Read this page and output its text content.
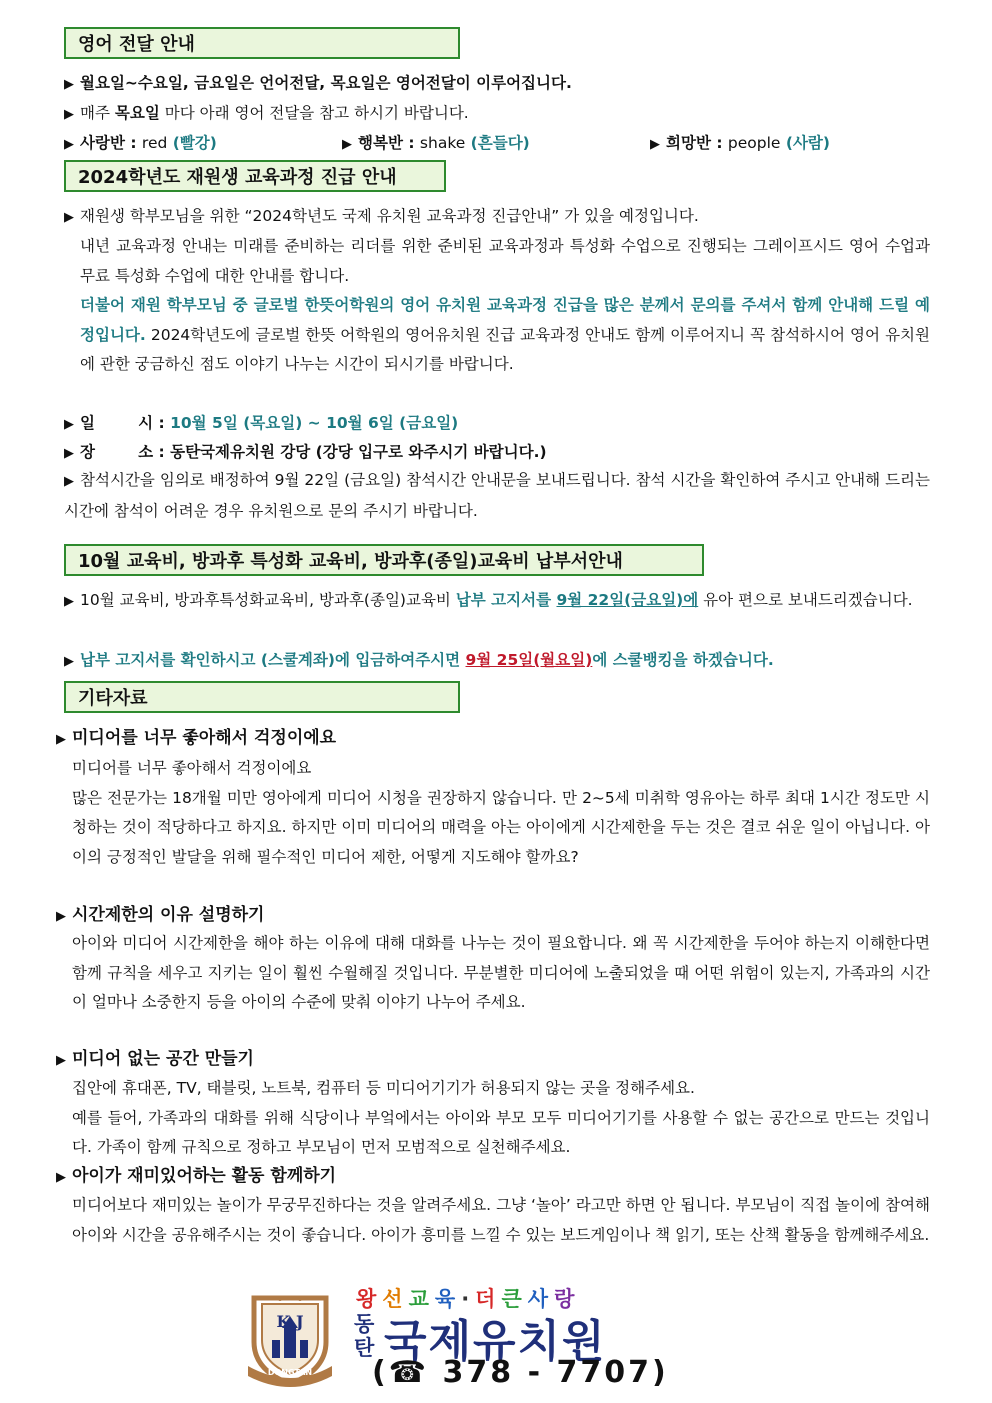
영어 전달 안내
▶ 월요일~수요일, 금요일은 언어전달, 목요일은 영어전달이 이루어집니다.
▶ 매주 목요일 마다 아래 영어 전달을 참고 하시기 바랍니다.
▶ 사랑반 : red (빨강)	▶ 행복반 : shake (흔들다)	▶ 희망반 : people (사람)
2024학년도 재원생 교육과정 진급 안내
▶ 재원생 학부모님을 위한 “2024학년도 국제 유치원 교육과정 진급안내” 가 있을 예정입니다.
내년 교육과정 안내는 미래를 준비하는 리더를 위한 준비된 교육과정과 특성화 수업으로 진행되는 그레이프시드 영어 수업과 무료 특성화 수업에 대한 안내를 합니다.
더불어 재원 학부모님 중 글로벌 한뜻어학원의 영어 유치원 교육과정 진급을 많은 분께서 문의를 주셔서 함께 안내해 드릴 예정입니다. 2024학년도에 글로벌 한뜻 어학원의 영어유치원 진급 교육과정 안내도 함께 이루어지니 꼭 참석하시어 영어 유치원에 관한 궁금하신 점도 이야기 나누는 시간이 되시기를 바랍니다.
▶ 일        시 : 10월 5일 (목요일) ~ 10월 6일 (금요일)
▶ 장        소 : 동탄국제유치원 강당 (강당 입구로 와주시기 바랍니다.)
▶ 참석시간을 임의로 배정하여 9월 22일 (금요일) 참석시간 안내문을 보내드립니다. 참석 시간을 확인하여 주시고 안내해 드리는 시간에 참석이 어려운 경우 유치원으로 문의 주시기 바랍니다.
10월 교육비, 방과후 특성화 교육비, 방과후(종일)교육비 납부서안내
▶ 10월 교육비, 방과후특성화교육비, 방과후(종일)교육비 납부 고지서를 9월 22일(금요일)에 유아 편으로 보내드리겠습니다.
▶ 납부 고지서를 확인하시고 (스쿨계좌)에 입금하여주시면 9월 25일(월요일)에 스쿨뱅킹을 하겠습니다.
기타자료
▶ 미디어를 너무 좋아해서 걱정이에요
미디어를 너무 좋아해서 걱정이에요
많은 전문가는 18개월 미만 영아에게 미디어 시청을 권장하지 않습니다. 만 2~5세 미취학 영유아는 하루 최대 1시간 정도만 시청하는 것이 적당하다고 하지요. 하지만 이미 미디어의 매력을 아는 아이에게 시간제한을 두는 것은 결코 쉬운 일이 아닙니다. 아이의 긍정적인 발달을 위해 필수적인 미디어 제한, 어떻게 지도해야 할까요?
▶ 시간제한의 이유 설명하기
아이와 미디어 시간제한을 해야 하는 이유에 대해 대화를 나누는 것이 필요합니다. 왜 꼭 시간제한을 두어야 하는지 이해한다면 함께 규칙을 세우고 지키는 일이 훨씬 수월해질 것입니다. 무분별한 미디어에 노출되었을 때 어떤 위험이 있는지, 가족과의 시간이 얼마나 소중한지 등을 아이의 수준에 맞춰 이야기 나누어 주세요.
▶ 미디어 없는 공간 만들기
집안에 휴대폰, TV, 태블릿, 노트북, 컴퓨터 등 미디어기기가 허용되지 않는 곳을 정해주세요.
예를 들어, 가족과의 대화를 위해 식당이나 부엌에서는 아이와 부모 모두 미디어기기를 사용할 수 없는 공간으로 만드는 것입니다. 가족이 함께 규칙으로 정하고 부모님이 먼저 모범적으로 실천해주세요.
▶ 아이가 재미있어하는 활동 함께하기
미디어보다 재미있는 놀이가 무궁무진하다는 것을 알려주세요. 그냥 ‘놀아’ 라고만 하면 안 됩니다. 부모님이 직접 놀이에 참여해 아이와 시간을 공유해주시는 것이 좋습니다. 아이가 흥미를 느낄 수 있는 보드게임이나 책 읽기, 또는 산책 활동을 함께해주세요.
K J
DONGTAN
왕선교육·더큰사랑
동
탄 국제유치원
(☎ 378 - 7707)
